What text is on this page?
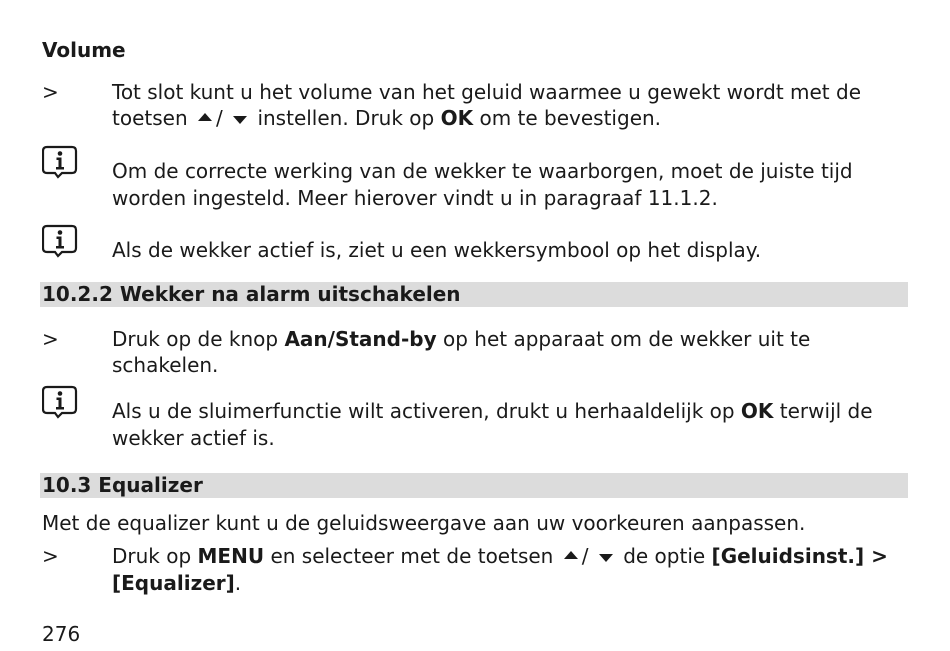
Volume
>	Tot slot kunt u het volume van het geluid waarmee u gewekt wordt met de
toetsen / instellen. Druk op OK om te bevestigen.
Om de correcte werking van de wekker te waarborgen, moet de juiste tijd
worden ingesteld. Meer hierover vindt u in paragraaf 11.1.2.
Als de wekker actief is, ziet u een wekkersymbool op het display.
10.2.2 Wekker na alarm uitschakelen
>	Druk op de knop Aan/Stand-by op het apparaat om de wekker uit te
schakelen.
Als u de sluimerfunctie wilt activeren, drukt u herhaaldelijk op OK terwijl de
wekker actief is.
10.3 Equalizer
Met de equalizer kunt u de geluidsweergave aan uw voorkeuren aanpassen.
>	Druk op MENU en selecteer met de toetsen / de optie [Geluidsinst.] >
[Equalizer].
276
